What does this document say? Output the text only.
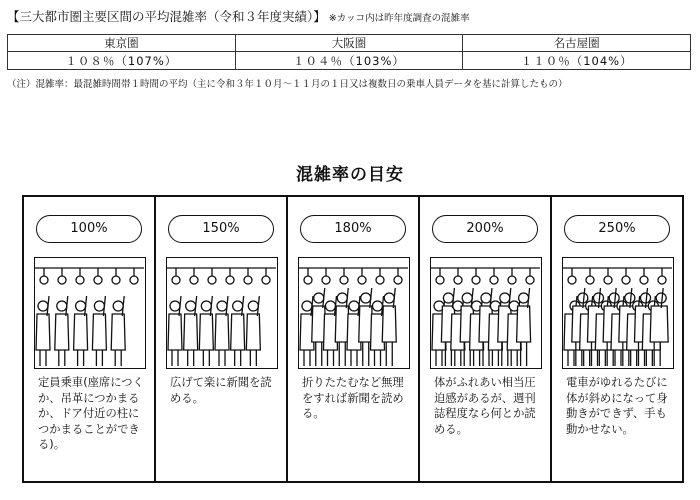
【三大都市圏主要区間の平均混雑率（令和３年度実績）】 ※カッコ内は昨年度調査の混雑率
東京圏	大阪圏	名古屋圏
１０８％（107%）	１０４％（103%）	１１０％（104%）
（注）混雑率：最混雑時間帯１時間の平均（主に令和３年１０月～１１月の１日又は複数日の乗車人員データを基に計算したもの）
混雑率の目安
100%
定員乗車(座席につくか、吊革につかまるか、ドア付近の柱につかまることができる)。
150%
広げて楽に新聞を読める。
180%
折りたたむなど無理をすれば新聞を読める。
200%
体がふれあい相当圧迫感があるが、週刊誌程度なら何とか読める。
250%
電車がゆれるたびに体が斜めになって身動きができず、手も動かせない。
